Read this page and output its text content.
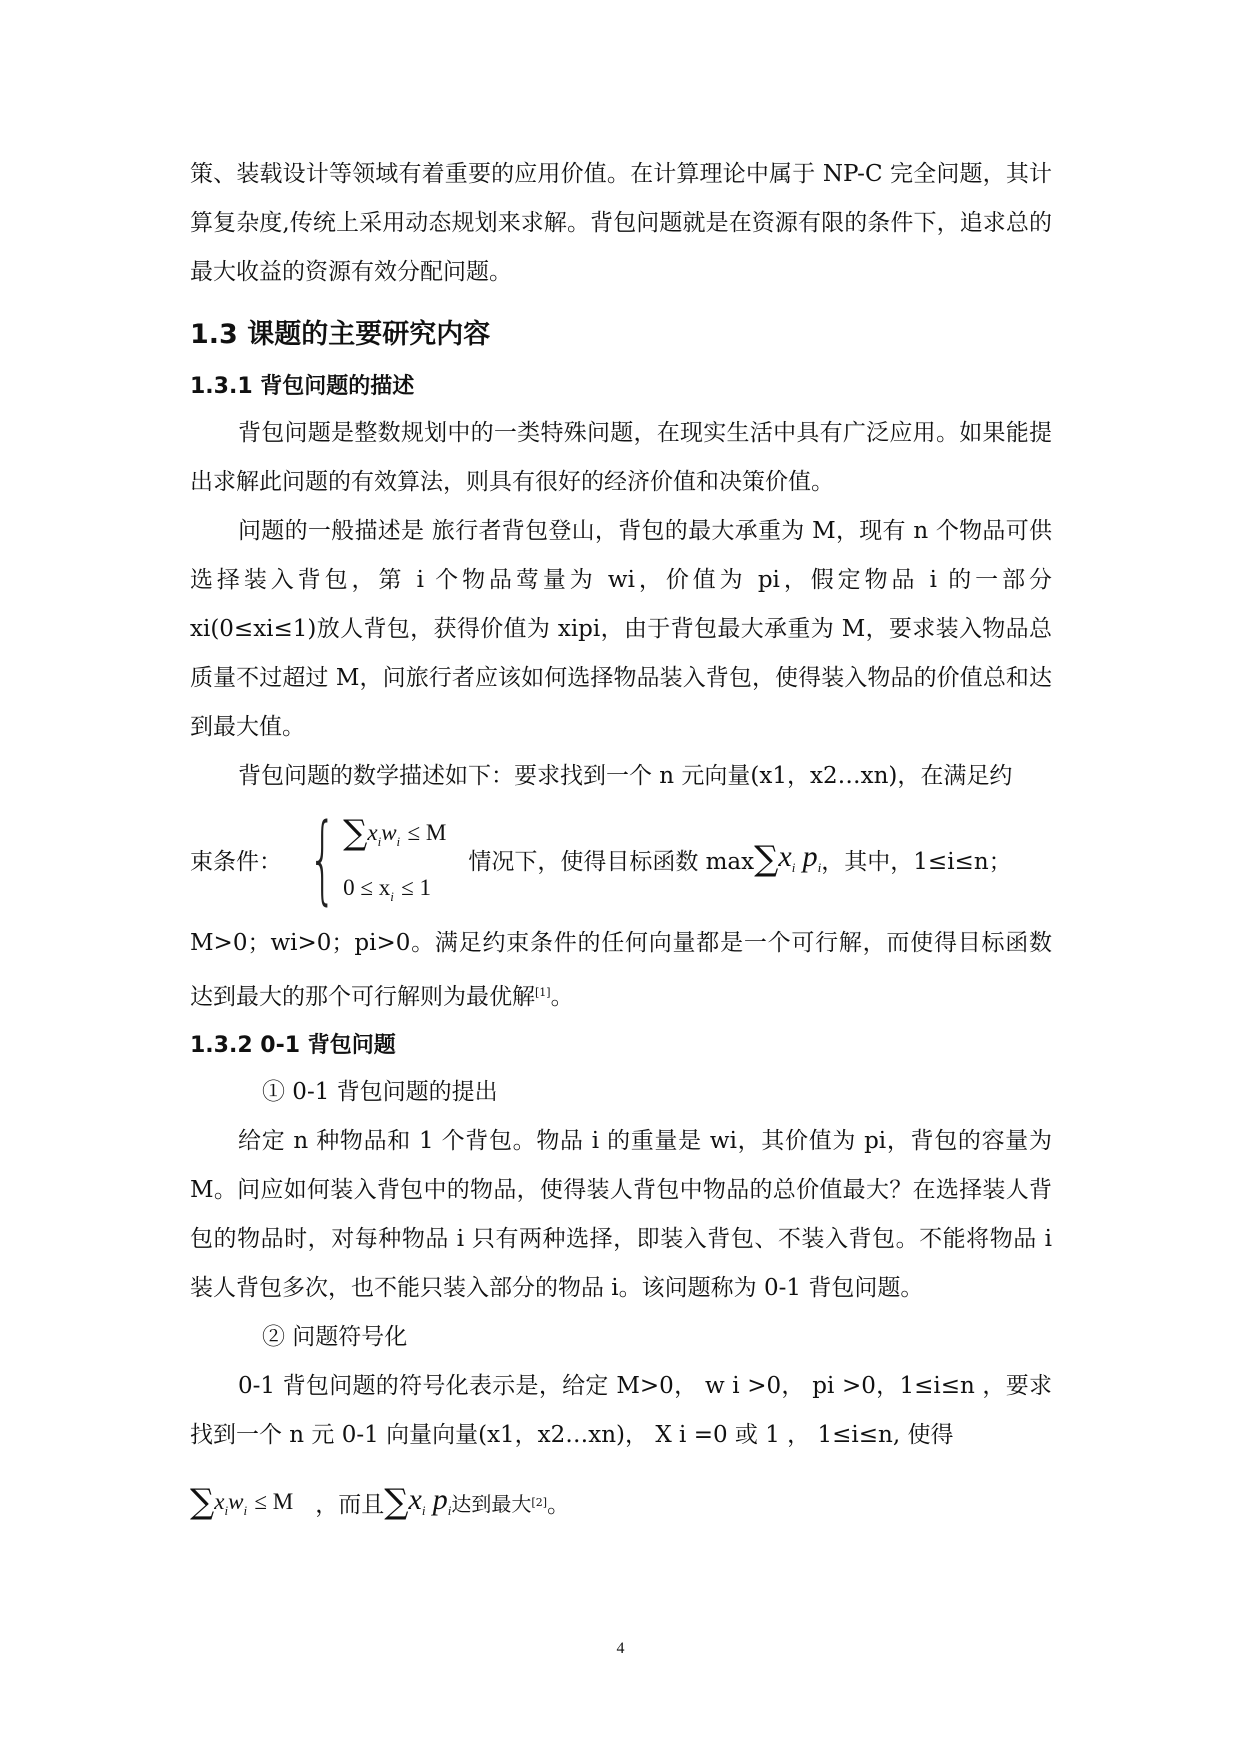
策、装载设计等领域有着重要的应用价值。在计算理论中属于 NP-C 完全问题，其计算复杂度,传统上采用动态规划来求解。背包问题就是在资源有限的条件下，追求总的最大收益的资源有效分配问题。

1.3 课题的主要研究内容
1.3.1 背包问题的描述

背包问题是整数规划中的一类特殊问题，在现实生活中具有广泛应用。如果能提出求解此问题的有效算法，则具有很好的经济价值和决策价值。

问题的一般描述是 旅行者背包登山，背包的最大承重为 M，现有 n 个物品可供选择装入背包，第 i 个物品莺量为 wi，价值为 pi，假定物品 i 的一部分 xi(0≤xi≤1)放人背包，获得价值为 xipi，由于背包最大承重为 M，要求装入物品总质量不过超过 M，问旅行者应该如何选择物品装入背包，使得装入物品的价值总和达到最大值。

背包问题的数学描述如下：要求找到一个 n 元向量(x1，x2…xn)，在满足约

束条件： { $\sum x_iw_i \le M$
$0 \le x_i \le 1$
情况下，使得目标函数 $\max \sum x_i$ $p_i$ ，其中，1≤i≤n；

M>0；wi>0；pi>0。满足约束条件的任何向量都是一个可行解，而使得目标函数达到最大的那个可行解则为最优解[1]。

1.3.2 0-1 背包问题

① 0-1 背包问题的提出

给定 n 种物品和 1 个背包。物品 i 的重量是 wi，其价值为 pi，背包的容量为 M。问应如何装入背包中的物品，使得装人背包中物品的总价值最大？在选择装人背包的物品时，对每种物品 i 只有两种选择，即装入背包、不装入背包。不能将物品 i 装人背包多次，也不能只装入部分的物品 i。该问题称为 0-1 背包问题。

② 问题符号化

0-1 背包问题的符号化表示是，给定 M>0， w i >0， pi >0，1≤i≤n ，要求找到一个 n 元 0-1 向量向量(x1，x2…xn)， X i =0 或 1 ， 1≤i≤n, 使得

$\sum x_iw_i \le M$ ，而且 $\sum x_i$ $p_i$ 达到最大 [2] 。
4
